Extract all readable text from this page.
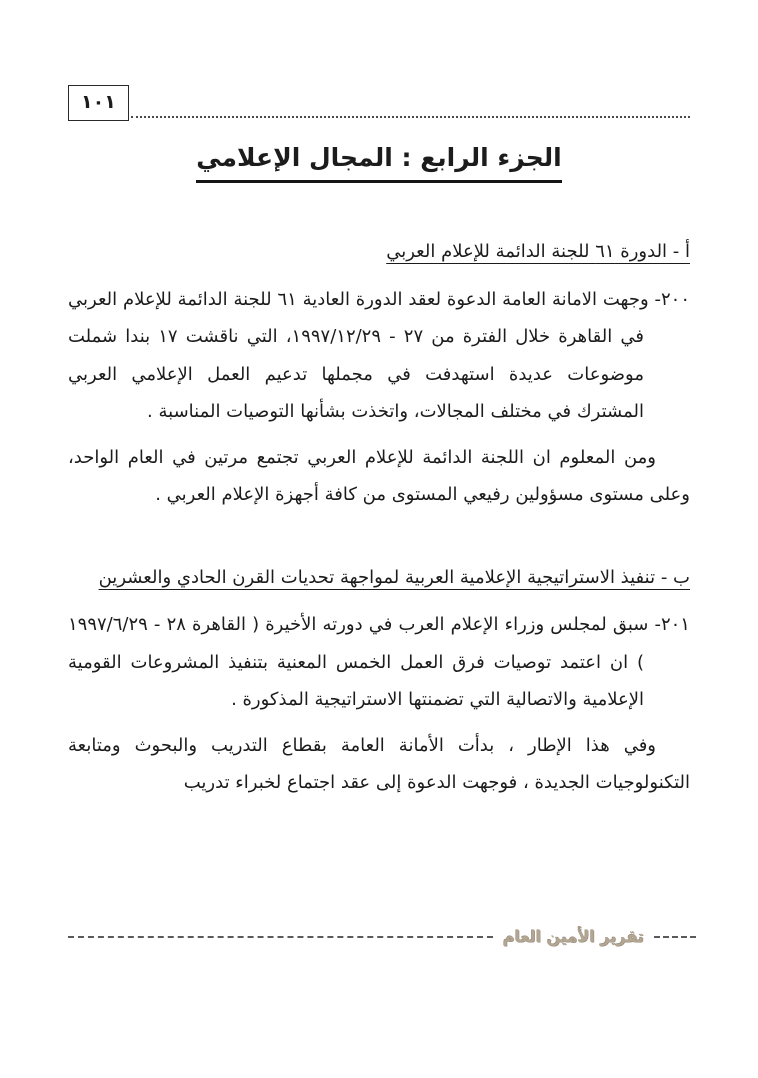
١٠١
الجزء الرابع : المجال الإعلامي
أ - الدورة ٦١ للجنة الدائمة للإعلام العربي

٢٠٠- وجهت الامانة العامة الدعوة لعقد الدورة العادية ٦١ للجنة الدائمة للإعلام العربي في القاهرة خلال الفترة من ٢٧ - ١٩٩٧/١٢/٢٩، التي ناقشت ١٧ بندا شملت موضوعات عديدة استهدفت في مجملها تدعيم العمل الإعلامي العربي المشترك في مختلف المجالات، واتخذت بشأنها التوصيات المناسبة .

ومن المعلوم ان اللجنة الدائمة للإعلام العربي تجتمع مرتين في العام الواحد، وعلى مستوى مسؤولين رفيعي المستوى من كافة أجهزة الإعلام العربي .

ب - تنفيذ الاستراتيجية الإعلامية العربية لمواجهة تحديات القرن الحادي والعشرين

٢٠١- سبق لمجلس وزراء الإعلام العرب في دورته الأخيرة ( القاهرة ٢٨ - ١٩٩٧/٦/٢٩ ) ان اعتمد توصيات فرق العمل الخمس المعنية بتنفيذ المشروعات القومية الإعلامية والاتصالية التي تضمنتها الاستراتيجية المذكورة .

وفي هذا الإطار ، بدأت الأمانة العامة بقطاع التدريب والبحوث ومتابعة التكنولوجيات الجديدة ، فوجهت الدعوة إلى عقد اجتماع لخبراء تدريب

تقرير الأمين العام
